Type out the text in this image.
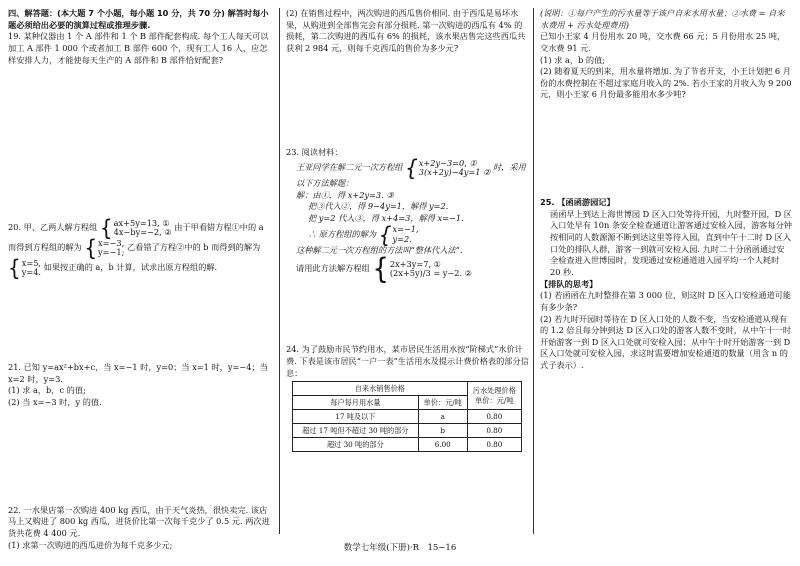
四、解答题：(本大题 7 个小题，每小题 10 分，共 70 分) 解答时每小题必须给出必要的演算过程或推理步骤.

19. 某种仪器由 1 个 A 部件和 1 个 B 部件配套构成. 每个工人每天可以加工 A 部件 1 000 个或者加工 B 部件 600 个，现有工人 16 人，应怎样安排人力，才能使每天生产的 A 部件和 B 部件恰好配套?

20. 甲、乙两人解方程组 { ax+5y=13, ①
4x−by=−2, ② 由于甲看错方程①中的 a 而得到方程组的解为 { x=−3,
y=−1; 乙看错了方程②中的 b 而得到的解为
{ x=5,
y=4. 如果按正确的 a，b 计算，试求出原方程组的解.

21. 已知 y=ax²+bx+c，当 x=−1 时，y=0；当 x=1 时，y=−4；当 x=2 时，y=3.

(1) 求 a，b，c 的值;

(2) 当 x=−3 时，y 的值.

22. 一水果店第一次购进 400 kg 西瓜，由于天气炎热，很快卖完. 该店马上又购进了 800 kg 西瓜，进货价比第一次每千克少了 0.5 元. 两次进货共花费 4 400 元.

(1) 求第一次购进的西瓜进价为每千克多少元;

(2) 在销售过程中，两次购进的西瓜售价相同. 由于西瓜是易坏水果，从购进到全部售完会有部分损耗. 第一次购进的西瓜有 4% 的损耗，第二次购进的西瓜有 6% 的损耗，该水果店售完这些西瓜共获利 2 984 元，则每千克西瓜的售价为多少元?

23. 阅读材料：

王亚同学在解二元一次方程组 { x+2y−3=0, ①
3(x+2y)−4y=1 ② 时，采用以下方法解题：

解：由①，得 x+2y=3. ③

把③代入②，得 9−4y=1，解得 y=2.

把 y=2 代入③，得 x+4=3，解得 x=−1.

∴ 原方程组的解为 { x=−1,
y=2.

这种解二元一次方程组的方法叫“整体代入法”.

请用此方法解方程组 { 2x+3y=7, ①
(2x+5y)/3 = y−2. ②

24. 为了鼓励市民节约用水，某市居民生活用水按“阶梯式”水价计费. 下表是该市居民“一户一表”生活用水及提示计费价格表的部分信息：

自来水销售价格		污水处理价格
单价：元/吨
每户每月用水量	单价：元/吨	
17 吨及以下	a	0.80
超过 17 吨但不超过 30 吨的部分	b	0.80
超过 30 吨的部分	6.00	0.80

(说明：①每户产生的污水量等于该户自来水用水量；②水费 = 自来水费用 + 污水处理费用)

已知小王家 4 月份用水 20 吨，交水费 66 元；5 月份用水 25 吨，交水费 91 元.

(1) 求 a，b 的值;

(2) 随着夏天的到来，用水量将增加. 为了节省开支，小王计划把 6 月份的水费控制在不超过家庭月收入的 2%. 若小王家的月收入为 9 200 元，则小王家 6 月份最多能用水多少吨?

25. 【函函游园记】

函函早上到达上海世博园 D 区入口处等待开园，九时整开园，D 区入口处早有 10n 条安全检查通道让游客通过安检入园，游客每分钟按相同的人数源源不断到达这里等待入园，直到中午十二时 D 区入口处的排队人群，游客一到就可安检入园. 九时二十分函函通过安全检查进入世博园时，发现通过安检通道进入园平均一个人耗时 20 秒.

【排队的思考】

(1) 若函函在九时整排在第 3 000 位，则这时 D 区入口安检通道可能有多少条?

(2) 若九时开园时等待在 D 区入口处的人数不变，当安检通道从现有的 1.2 倍且每分钟到达 D 区入口处的游客人数不变时，从中午十一时开始游客一到 D 区入口处就可安检入园；从中午十时开始游客一到 D 区入口处就可安检入园，求这时需要增加安检通道的数量（用含 n 的式子表示）.

数学七年级(下册)·R　15−16
